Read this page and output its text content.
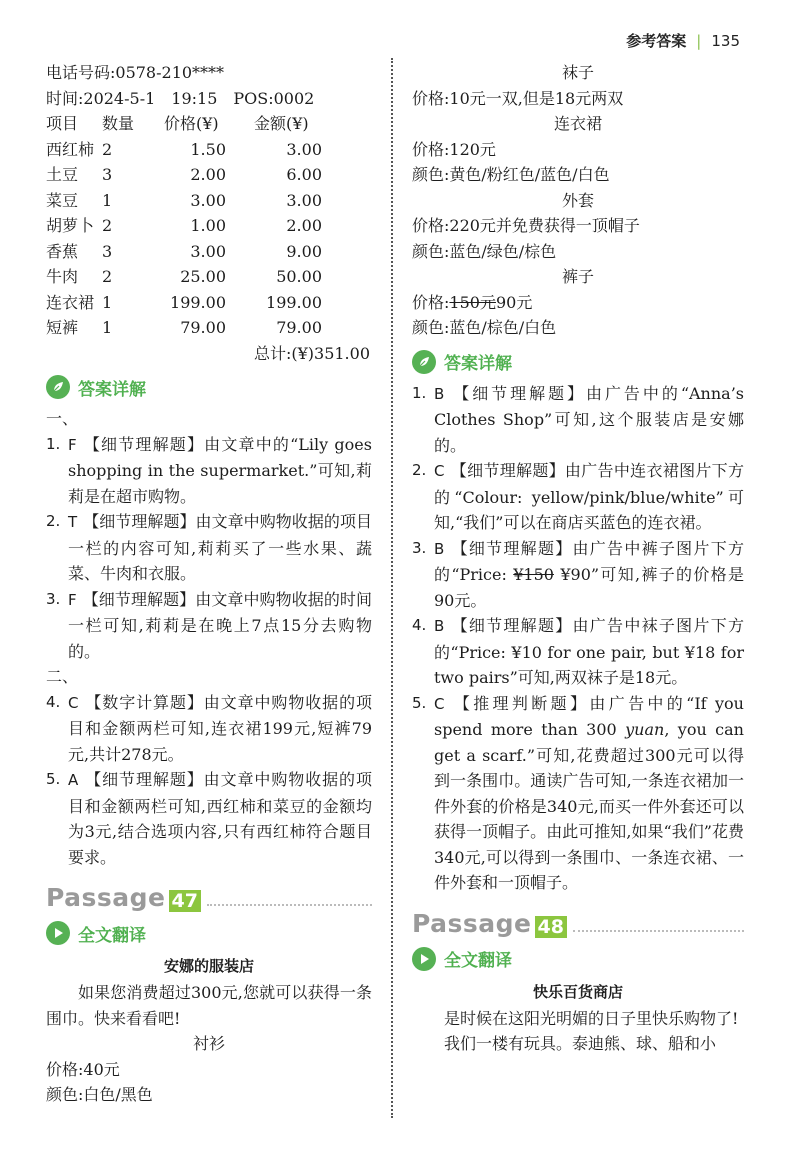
参考答案 | 135
电话号码:0578-210****
时间:2024-5-1　19:15　POS:0002
项目	数量	价格(¥)	金额(¥)
西红柿	2	1.50	3.00
土豆	3	2.00	6.00
菜豆	1	3.00	3.00
胡萝卜	2	1.00	2.00
香蕉	3	3.00	9.00
牛肉	2	25.00	50.00
连衣裙	1	199.00	199.00
短裤	1	79.00	79.00
总计:(¥)351.00
答案详解
一、
1. F 【细节理解题】由文章中的“Lily goes shopping in the supermarket.”可知,莉莉是在超市购物。
2. T 【细节理解题】由文章中购物收据的项目一栏的内容可知,莉莉买了一些水果、蔬菜、牛肉和衣服。
3. F 【细节理解题】由文章中购物收据的时间一栏可知,莉莉是在晚上7点15分去购物的。
二、
4. C 【数字计算题】由文章中购物收据的项目和金额两栏可知,连衣裙199元,短裤79元,共计278元。
5. A 【细节理解题】由文章中购物收据的项目和金额两栏可知,西红柿和菜豆的金额均为3元,结合选项内容,只有西红柿符合题目要求。
Passage 47
全文翻译
安娜的服装店
如果您消费超过300元,您就可以获得一条围巾。快来看看吧!
衬衫
价格:40元
颜色:白色/黑色
袜子
价格:10元一双,但是18元两双
连衣裙
价格:120元
颜色:黄色/粉红色/蓝色/白色
外套
价格:220元并免费获得一顶帽子
颜色:蓝色/绿色/棕色
裤子
价格:150元90元
颜色:蓝色/棕色/白色
答案详解
1. B 【细节理解题】由广告中的“Anna’s Clothes Shop”可知,这个服装店是安娜的。
2. C 【细节理解题】由广告中连衣裙图片下方的“Colour: yellow/pink/blue/white”可知,“我们”可以在商店买蓝色的连衣裙。
3. B 【细节理解题】由广告中裤子图片下方的“Price: ¥150 ¥90”可知,裤子的价格是90元。
4. B 【细节理解题】由广告中袜子图片下方的“Price: ¥10 for one pair, but ¥18 for two pairs”可知,两双袜子是18元。
5. C 【推理判断题】由广告中的“If you spend more than 300 yuan, you can get a scarf.”可知,花费超过300元可以得到一条围巾。通读广告可知,一条连衣裙加一件外套的价格是340元,而买一件外套还可以获得一顶帽子。由此可推知,如果“我们”花费340元,可以得到一条围巾、一条连衣裙、一件外套和一顶帽子。
Passage 48
全文翻译
快乐百货商店
是时候在这阳光明媚的日子里快乐购物了!
我们一楼有玩具。泰迪熊、球、船和小
